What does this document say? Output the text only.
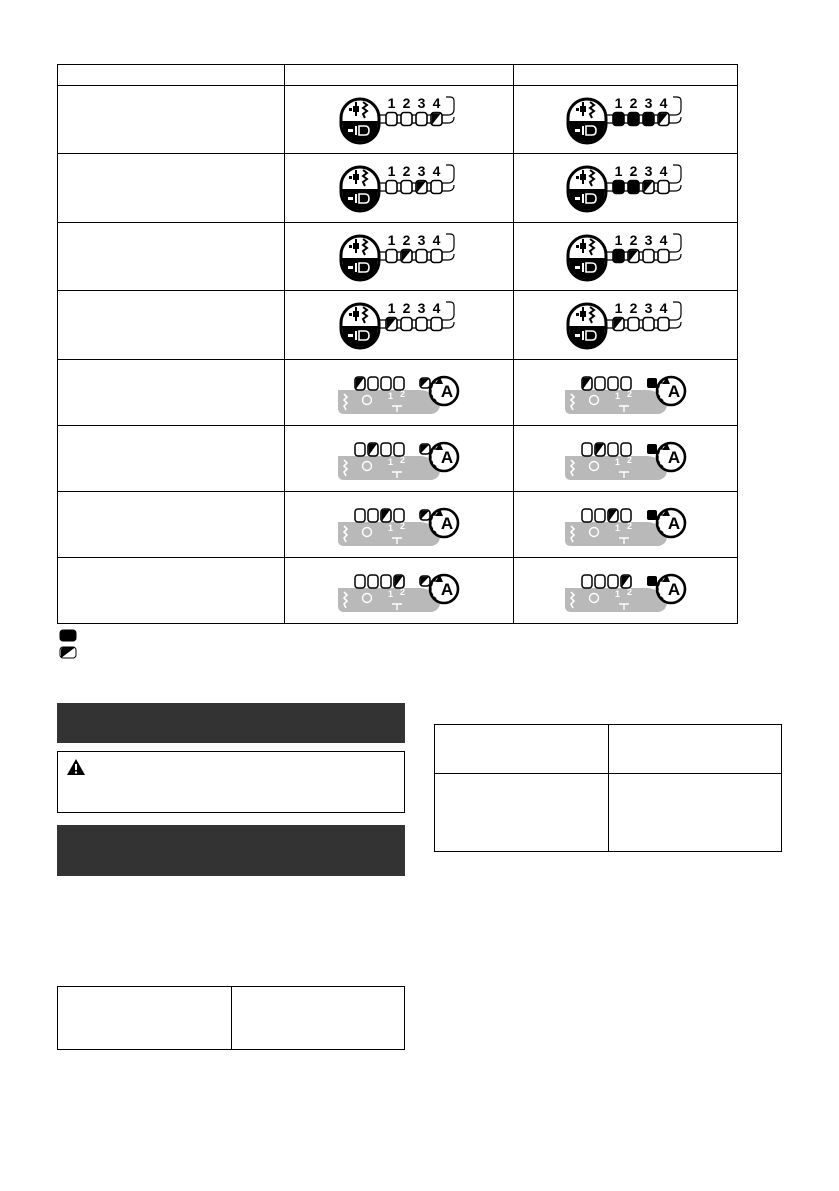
1 2 3 4	1 2 3 4

1 2 3 4	1 2 3 4

1 2 3 4	1 2 3 4

1 2 3 4	1 2 3 4

1 2 A	1 2 A

1 2 A	1 2 A

1 2 A	1 2 A

1 2 A	1 2 A
